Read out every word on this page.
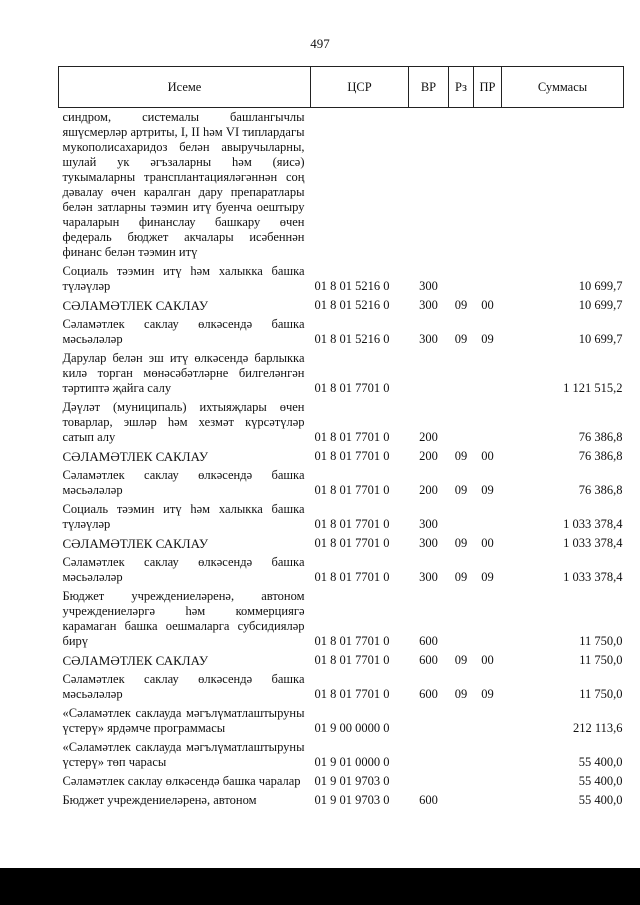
497
Исеме	ЦСР	ВР	Рз	ПР	Суммасы
синдром, системалы башлангычлы яшүсмерләр артриты, I, II һәм VI типлардагы мукополисахаридоз белән авыручыларны, шулай ук әгъзаларны һәм (яисә) тукымаларны трансплантацияләгәннән соң дәвалау өчен каралган дару препаратлары белән затларны тәэмин итү буенча оештыру чараларын финанслау башкару өчен федераль бюджет акчалары исәбеннән финанс белән тәэмин итү					
Социаль тәэмин итү һәм халыкка башка түләүләр	01 8 01 5216 0	300			10 699,7
СӘЛАМӘТЛЕК САКЛАУ	01 8 01 5216 0	300	09	00	10 699,7
Сәламәтлек саклау өлкәсендә башка мәсьәләләр	01 8 01 5216 0	300	09	09	10 699,7
Дарулар белән эш итү өлкәсендә барлыкка килә торган мөнәсәбәтләрне билгеләнгән тәртиптә җайга салу	01 8 01 7701 0				1 121 515,2
Дәүләт (муниципаль) ихтыяҗлары өчен товарлар, эшләр һәм хезмәт күрсәтүләр сатып алу	01 8 01 7701 0	200			76 386,8
СӘЛАМӘТЛЕК САКЛАУ	01 8 01 7701 0	200	09	00	76 386,8
Сәламәтлек саклау өлкәсендә башка мәсьәләләр	01 8 01 7701 0	200	09	09	76 386,8
Социаль тәэмин итү һәм халыкка башка түләүләр	01 8 01 7701 0	300			1 033 378,4
СӘЛАМӘТЛЕК САКЛАУ	01 8 01 7701 0	300	09	00	1 033 378,4
Сәламәтлек саклау өлкәсендә башка мәсьәләләр	01 8 01 7701 0	300	09	09	1 033 378,4
Бюджет учреждениеләренә, автоном учреждениеләргә һәм коммерциягә карамаган башка оешмаларга субсидияләр бирү	01 8 01 7701 0	600			11 750,0
СӘЛАМӘТЛЕК САКЛАУ	01 8 01 7701 0	600	09	00	11 750,0
Сәламәтлек саклау өлкәсендә башка мәсьәләләр	01 8 01 7701 0	600	09	09	11 750,0
«Сәламәтлек саклауда мәгълүматлаштыруны үстерү» ярдәмче программасы	01 9 00 0000 0				212 113,6
«Сәламәтлек саклауда мәгълүматлаштыруны үстерү» төп чарасы	01 9 01 0000 0				55 400,0
Сәламәтлек саклау өлкәсендә башка чаралар	01 9 01 9703 0				55 400,0
Бюджет учреждениеләренә, автоном	01 9 01 9703 0	600			55 400,0
